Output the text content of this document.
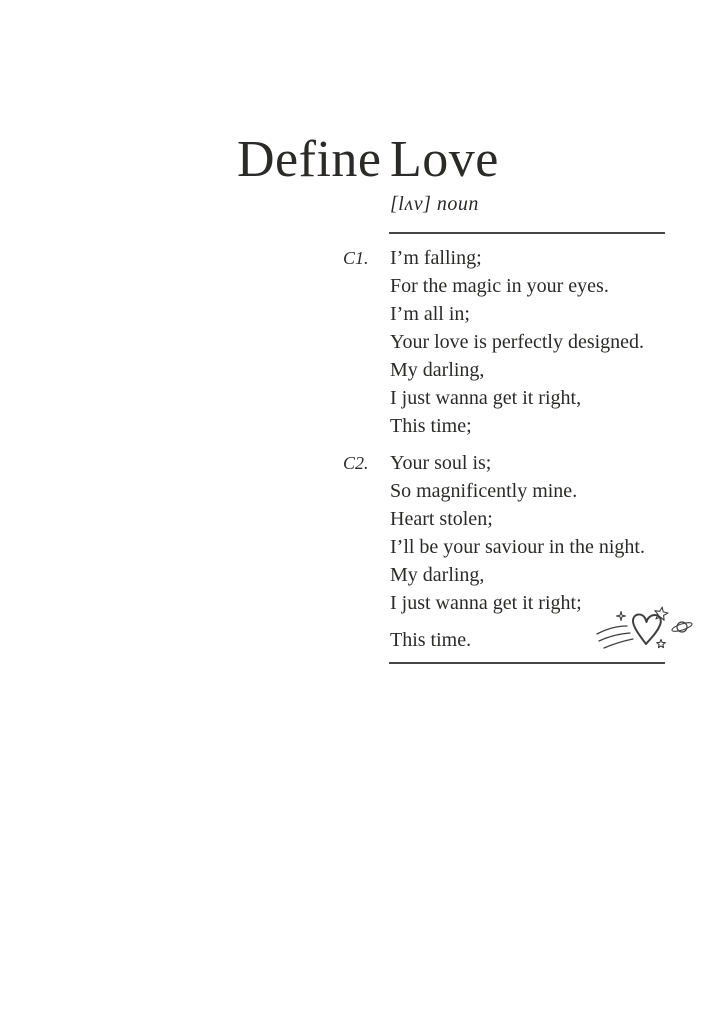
Define Love
[lʌv] noun
C1.	I’m falling;
For the magic in your eyes.
I’m all in;
Your love is perfectly designed.
My darling,
I just wanna get it right,
This time;
C2.	Your soul is;
So magnificently mine.
Heart stolen;
I’ll be your saviour in the night.
My darling,
I just wanna get it right;
This time.
